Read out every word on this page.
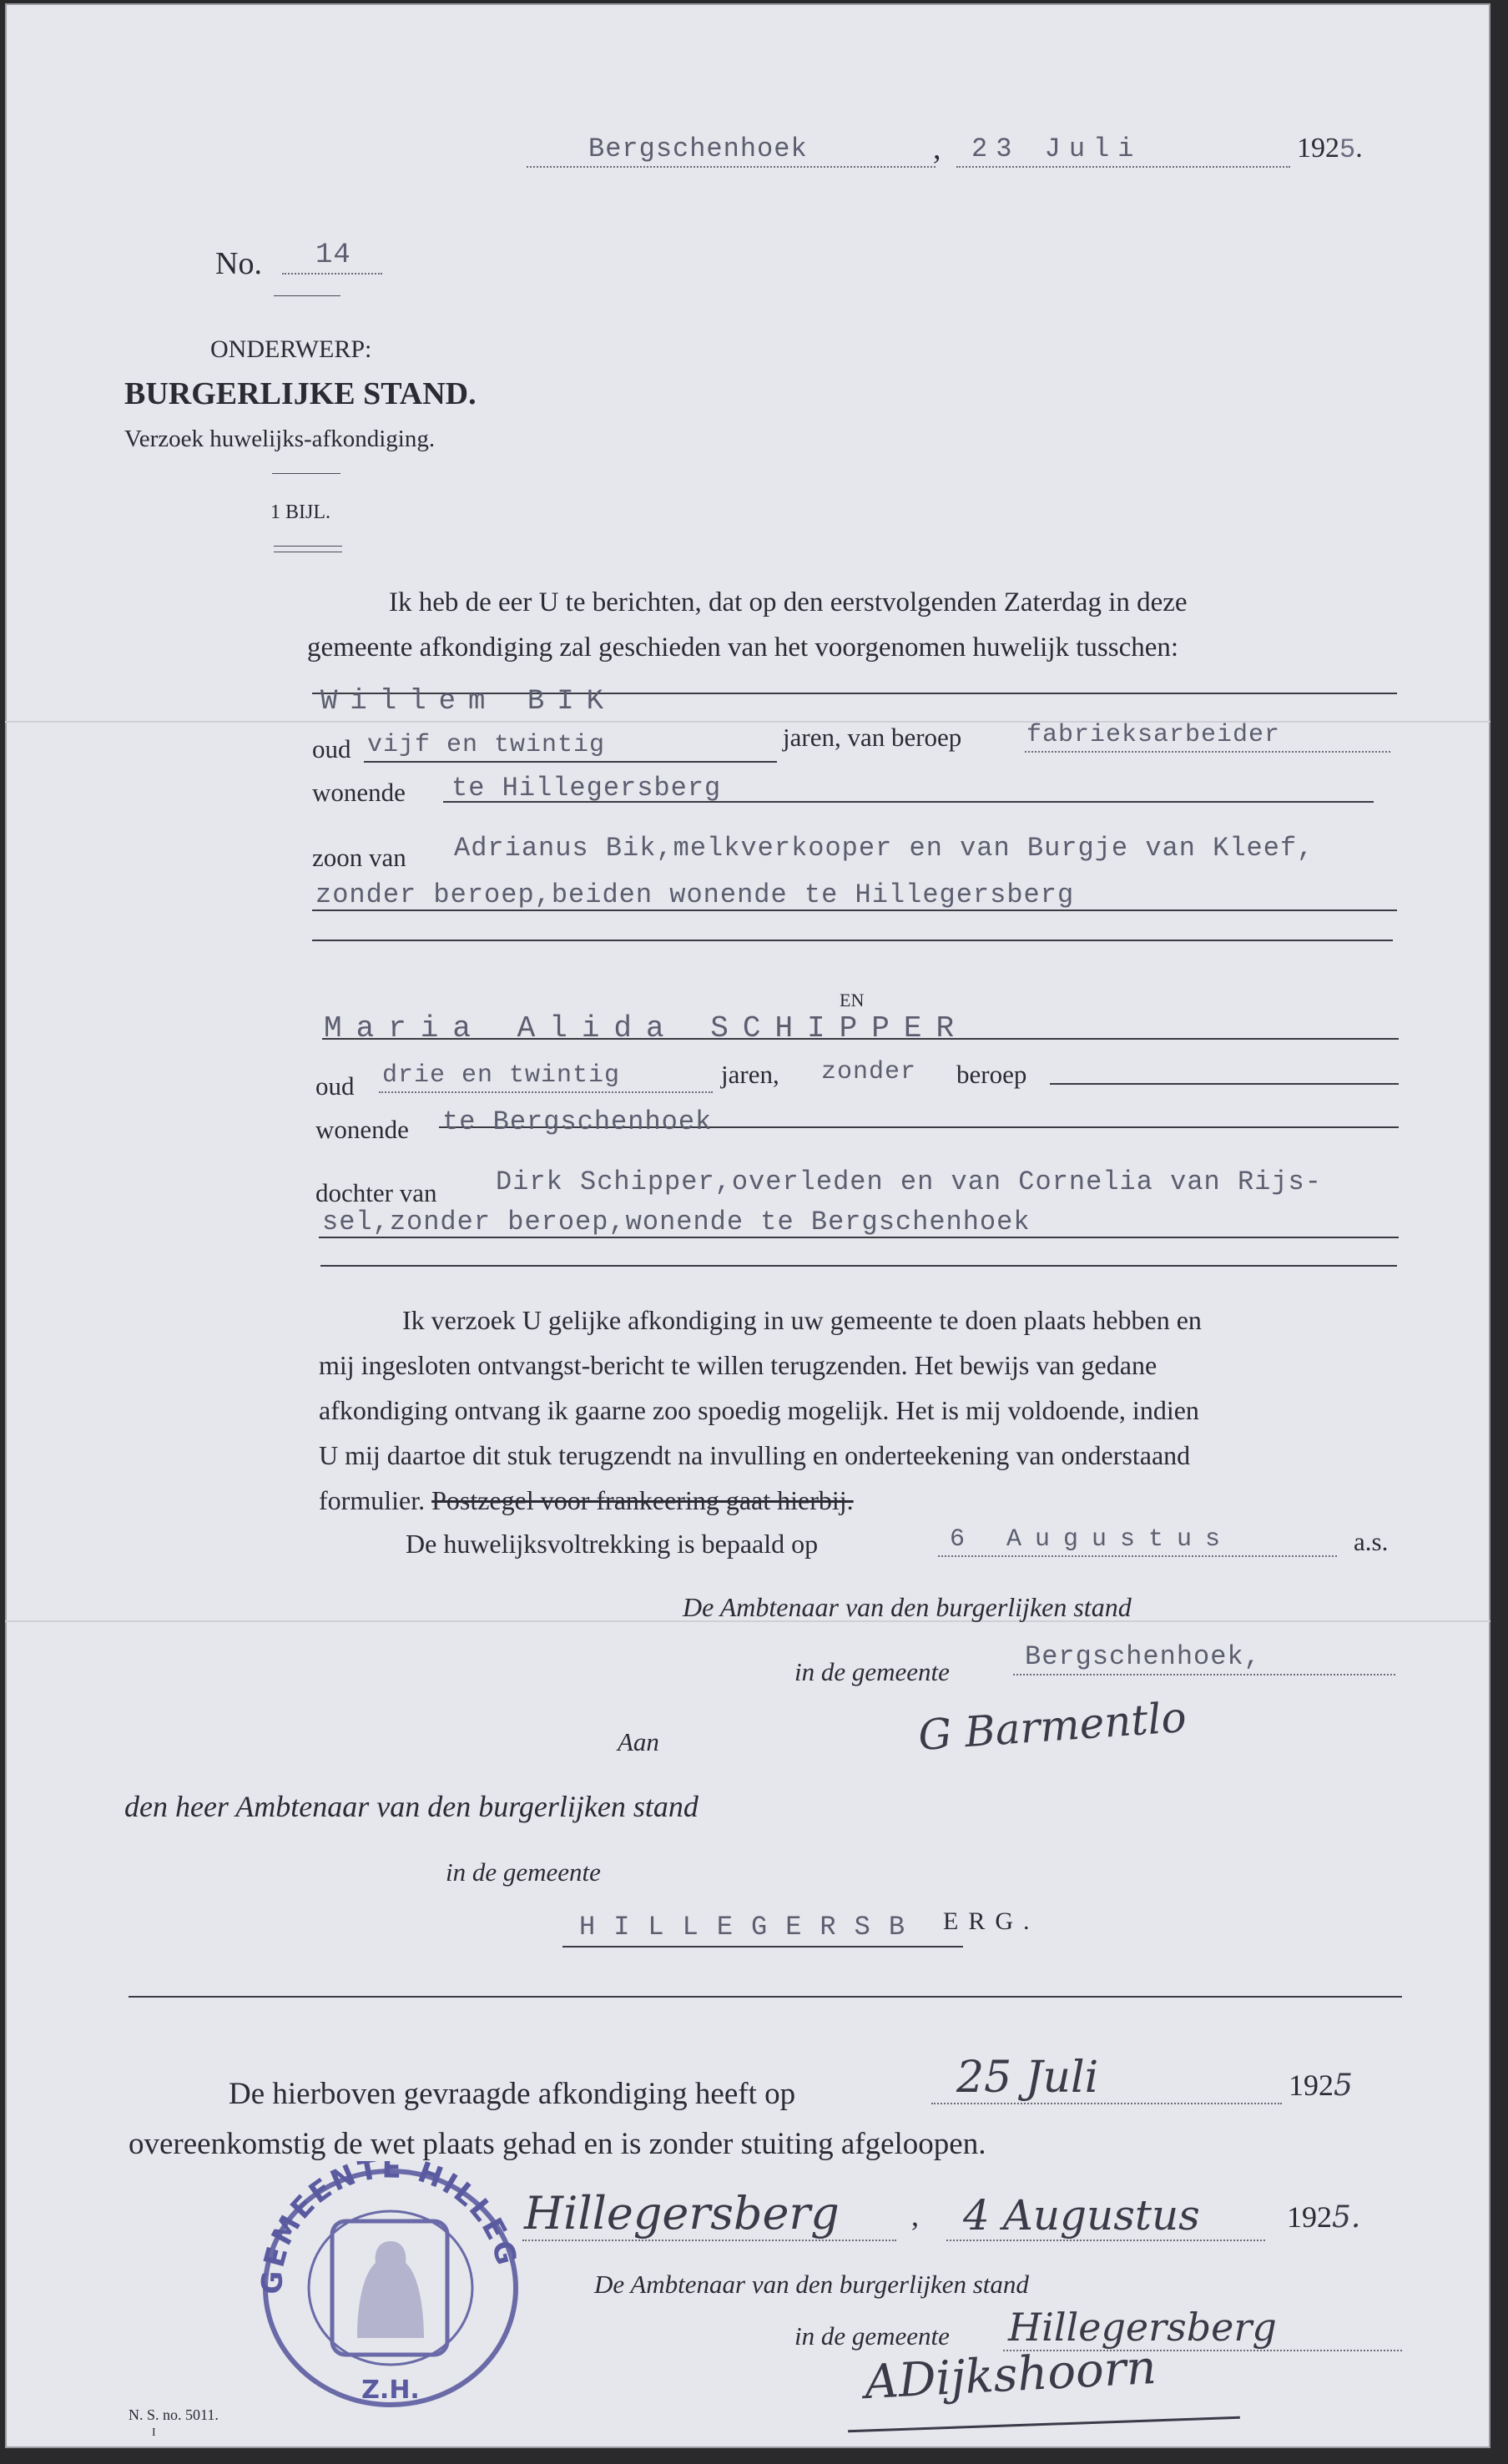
Bergschenhoek	, 23 Juli	1925.
No. 14
ONDERWERP:
BURGERLIJKE STAND.
Verzoek huwelijks-afkondiging.
1 BIJL.
Ik heb de eer U te berichten, dat op den eerstvolgenden Zaterdag in deze
gemeente afkondiging zal geschieden van het voorgenomen huwelijk tusschen:
Willem BIK
oud vijf en twintig	jaren, van beroep	fabrieksarbeider
wonende te Hillegersberg
zoon van Adrianus Bik,melkverkooper en van Burgje van Kleef,
zonder beroep,beiden wonende te Hillegersberg
EN
Maria Alida SCHIPPER
oud drie en twintig	jaren, zonder beroep
wonende te Bergschenhoek
dochter van Dirk Schipper,overleden en van Cornelia van Rijs-
sel,zonder beroep,wonende te Bergschenhoek
Ik verzoek U gelijke afkondiging in uw gemeente te doen plaats hebben en
mij ingesloten ontvangst-bericht te willen terugzenden. Het bewijs van gedane
afkondiging ontvang ik gaarne zoo spoedig mogelijk. Het is mij voldoende, indien
U mij daartoe dit stuk terugzendt na invulling en onderteekening van onderstaand
formulier. Postzegel voor frankeering gaat hierbij.
De huwelijksvoltrekking is bepaald op	6 Augustus	a.s.
De Ambtenaar van den burgerlijken stand
in de gemeente	Bergschenhoek,
G Barmentlo
Aan
den heer Ambtenaar van den burgerlijken stand
in de gemeente
HILLEGERSB ERG.
De hierboven gevraagde afkondiging heeft op	25 Juli	1925
overeenkomstig de wet plaats gehad en is zonder stuiting afgeloopen.
Hillegersberg , 4 Augustus	1925.
De Ambtenaar van den burgerlijken stand
in de gemeente Hillegersberg
ADijkshoorn
GEMEENTE HILLEG
Z.H.
N. S. no. 5011.
I
